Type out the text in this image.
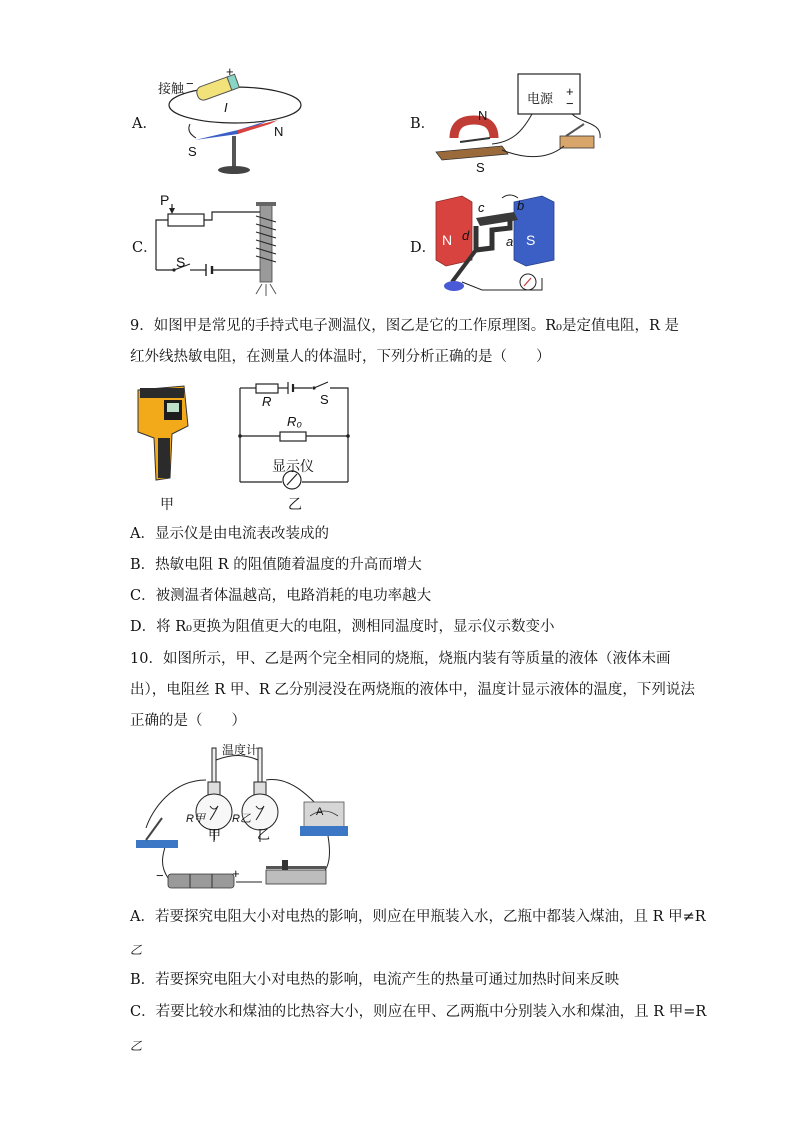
A．
接触 −
+
I
S
N	B．
电源 +
−
N
S
C．
P
S
D． N	S
a
b
c
d
9．如图甲是常见的手持式电子测温仪，图乙是它的工作原理图。R₀是定值电阻，R 是
红外线热敏电阻，在测量人的体温时，下列分析正确的是（　　）
甲
R	S
R₀
显示仪
乙
A．显示仪是由电流表改装成的
B．热敏电阻 R 的阻值随着温度的升高而增大
C．被测温者体温越高，电路消耗的电功率越大
D．将 R₀更换为阻值更大的电阻，测相同温度时，显示仪示数变小
10．如图所示，甲、乙是两个完全相同的烧瓶，烧瓶内装有等质量的液体（液体未画
出），电阻丝 R 甲、R 乙分别浸没在两烧瓶的液体中，温度计显示液体的温度，下列说法
正确的是（　　）
温度计
R甲 R乙
甲	乙
−	+
A
A．若要探究电阻大小对电热的影响，则应在甲瓶装入水，乙瓶中都装入煤油，且 R 甲≠R
乙
B．若要探究电阻大小对电热的影响，电流产生的热量可通过加热时间来反映
C．若要比较水和煤油的比热容大小，则应在甲、乙两瓶中分别装入水和煤油，且 R 甲=R
乙
